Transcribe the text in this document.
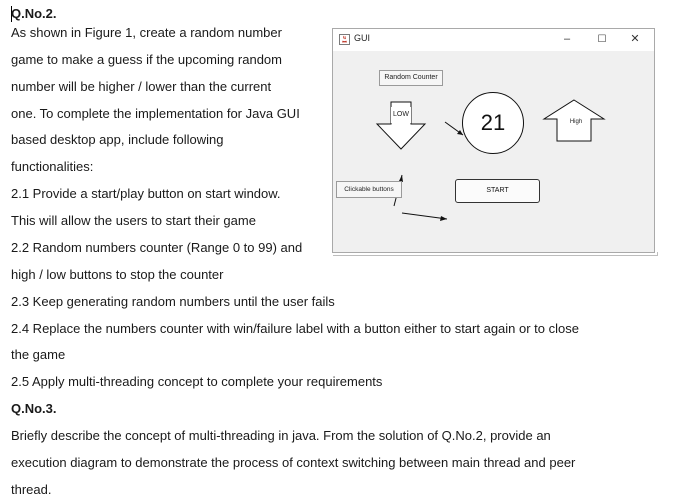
Q.No.2.
As shown in Figure 1, create a random number
game to make a guess if the upcoming random
number will be higher / lower than the current
one. To complete the implementation for Java GUI
based desktop app, include following
functionalities:
2.1 Provide a start/play button on start window.
This will allow the users to start their game
2.2 Random numbers counter (Range 0 to 99) and
high / low buttons to stop the counter
2.3 Keep generating random numbers until the user fails
2.4 Replace the numbers counter with win/failure label with a button either to start again or to close
the game
2.5 Apply multi-threading concept to complete your requirements
Q.No.3.
Briefly describe the concept of multi-threading in java. From the solution of Q.No.2, provide an
execution diagram to demonstrate the process of context switching between main thread and peer
thread.
GUI	–	☐	✕
Random Counter
21
LOW
High
Clickable buttons	START
